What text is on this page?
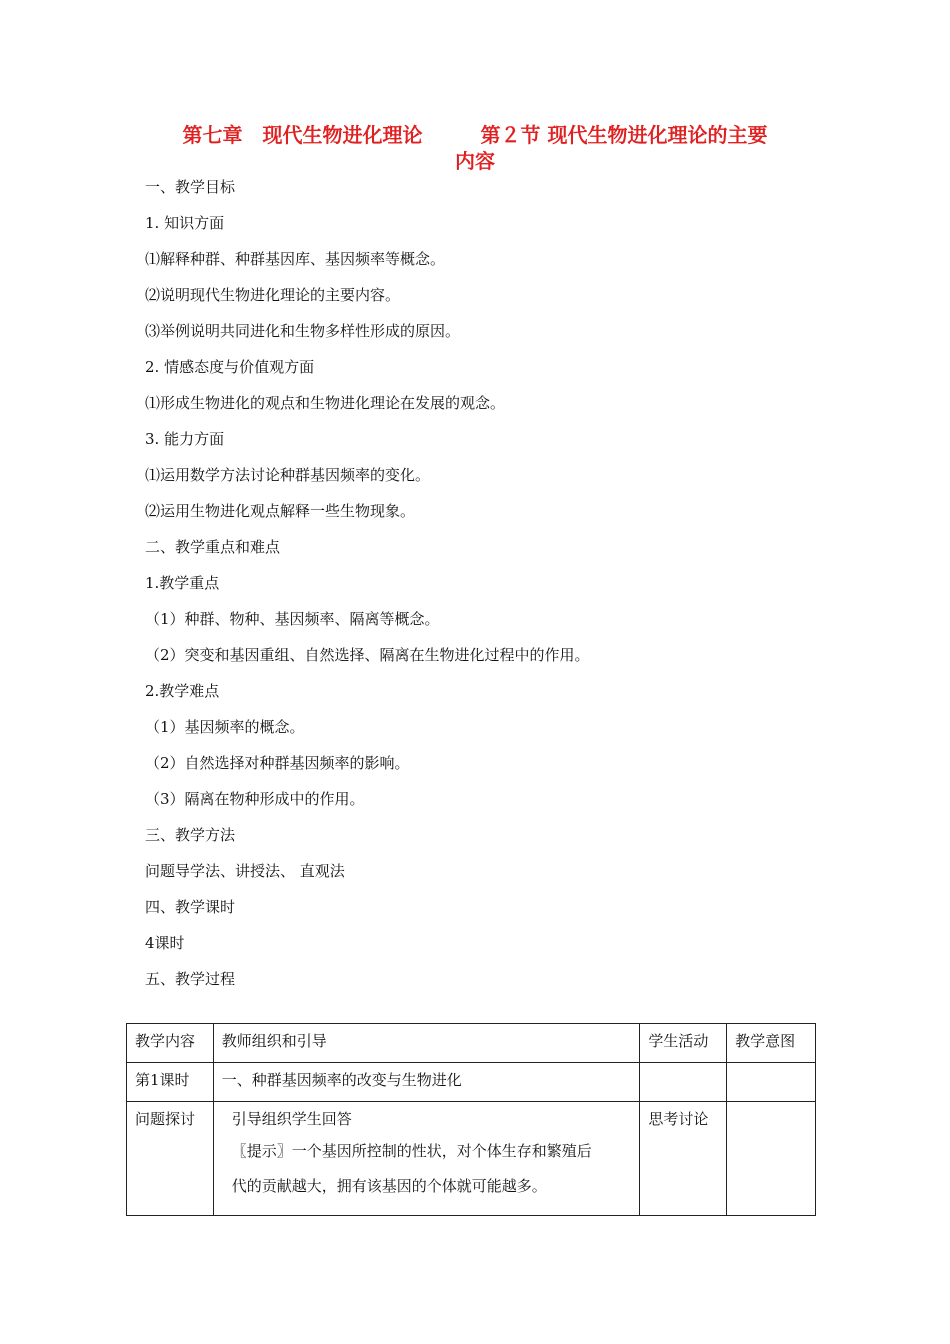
第七章　现代生物进化理论	第２节 现代生物进化理论的主要
内容
一、教学目标
1. 知识方面
⑴解释种群、种群基因库、基因频率等概念。
⑵说明现代生物进化理论的主要内容。
⑶举例说明共同进化和生物多样性形成的原因。
2. 情感态度与价值观方面
⑴形成生物进化的观点和生物进化理论在发展的观念。
3. 能力方面
⑴运用数学方法讨论种群基因频率的变化。
⑵运用生物进化观点解释一些生物现象。
二、教学重点和难点
1.教学重点
（1）种群、物种、基因频率、隔离等概念。
（2）突变和基因重组、自然选择、隔离在生物进化过程中的作用。
2.教学难点
（1）基因频率的概念。
（2）自然选择对种群基因频率的影响。
（3）隔离在物种形成中的作用。
三、教学方法
问题导学法、讲授法、 直观法
四、教学课时
4课时
五、教学过程
教学内容	教师组织和引导	学生活动	教学意图
第1课时	一、种群基因频率的改变与生物进化		
问题探讨	引导组织学生回答
〖提示〗一个基因所控制的性状，对个体生存和繁殖后
代的贡献越大，拥有该基因的个体就可能越多。	思考讨论	
